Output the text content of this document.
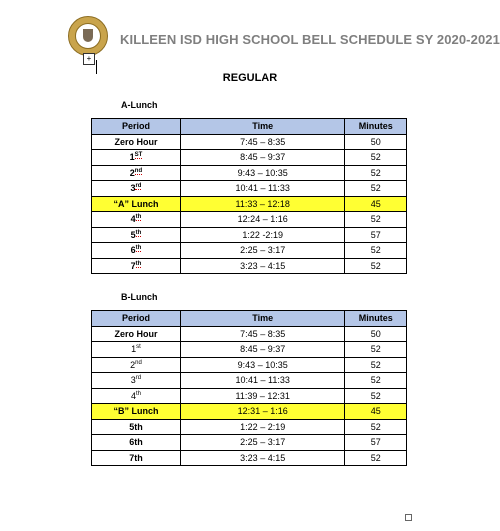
+
KILLEEN ISD HIGH SCHOOL BELL SCHEDULE SY 2020-2021
REGULAR
A-Lunch
Period	Time	Minutes
Zero Hour	7:45 – 8:35	50
1ST	8:45 – 9:37	52
2nd	9:43 – 10:35	52
3rd	10:41 – 11:33	52
“A” Lunch	11:33 – 12:18	45
4th	12:24 – 1:16	52
5th	1:22 -2:19	57
6th	2:25 – 3:17	52
7th	3:23 – 4:15	52
B-Lunch
Period	Time	Minutes
Zero Hour	7:45 – 8:35	50
1st	8:45 – 9:37	52
2nd	9:43 – 10:35	52
3rd	10:41 – 11:33	52
4th	11:39 – 12:31	52
“B” Lunch	12:31 – 1:16	45
5th	1:22 – 2:19	52
6th	2:25 – 3:17	57
7th	3:23 – 4:15	52
